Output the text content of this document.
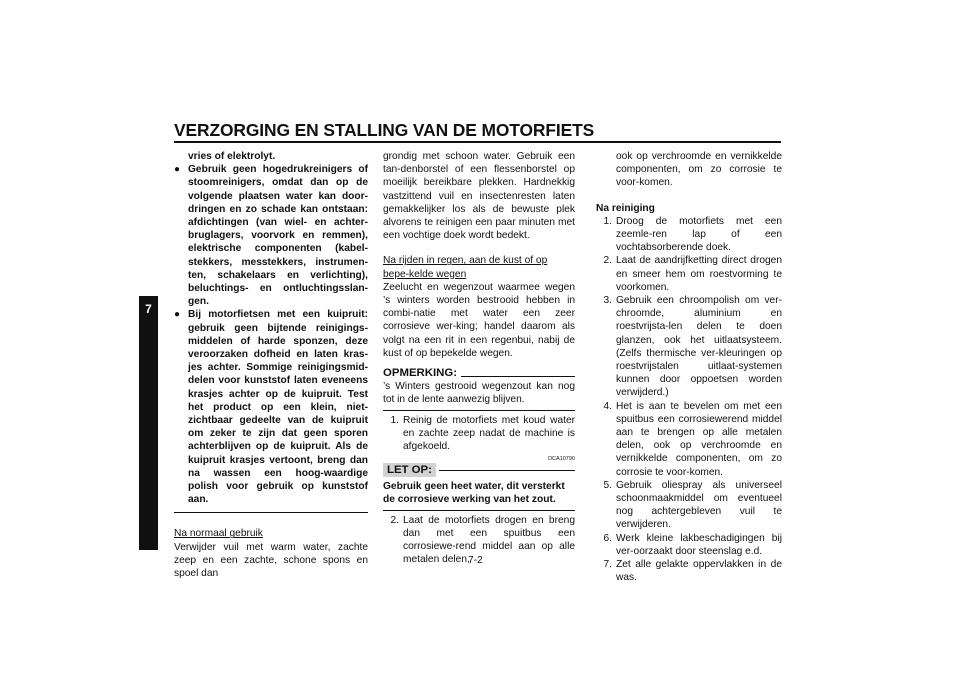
VERZORGING EN STALLING VAN DE MOTORFIETS
7
vries of elektrolyt.
● Gebruik geen hogedrukreinigers of stoomreinigers, omdat dan op de volgende plaatsen water kan door-dringen en zo schade kan ontstaan: afdichtingen (van wiel- en achter-bruglagers, voorvork en remmen), elektrische componenten (kabel-stekkers, messtekkers, instrumen-ten, schakelaars en verlichting), beluchtings- en ontluchtingsslan-gen.
● Bij motorfietsen met een kuipruit: gebruik geen bijtende reinigings-middelen of harde sponzen, deze veroorzaken dofheid en laten kras-jes achter. Sommige reinigingsmid-delen voor kunststof laten eveneens krasjes achter op de kuipruit. Test het product op een klein, niet-zichtbaar gedeelte van de kuipruit om zeker te zijn dat geen sporen achterblijven op de kuipruit. Als de kuipruit krasjes vertoont, breng dan na wassen een hoog-waardige polish voor gebruik op kunststof aan.

Na normaal gebruik

Verwijder vuil met warm water, zachte zeep en een zachte, schone spons en spoel dan

grondig met schoon water. Gebruik een tan-denborstel of een flessenborstel op moeilijk bereikbare plekken. Hardnekkig vastzittend vuil en insectenresten laten gemakkelijker los als de bewuste plek alvorens te reinigen een paar minuten met een vochtige doek wordt bedekt.

Na rijden in regen, aan de kust of op bepe-kelde wegen

Zeelucht en wegenzout waarmee wegen ’s winters worden bestrooid hebben in combi-natie met water een zeer corrosieve wer-king; handel daarom als volgt na een rit in een regenbui, nabij de kust of op bepekelde wegen.

OPMERKING:

’s Winters gestrooid wegenzout kan nog tot in de lente aanwezig blijven.

1. Reinig de motorfiets met koud water en zachte zeep nadat de machine is afgekoeld.
DCA10790
LET OP:

Gebruik geen heet water, dit versterkt de corrosieve werking van het zout.

2. Laat de motorfiets drogen en breng dan met een spuitbus een corrosiewe-rend middel aan op alle metalen delen,

ook op verchroomde en vernikkelde componenten, om zo corrosie te voor-komen.

Na reiniging

1. Droog de motorfiets met een zeemle-ren lap of een vochtabsorberende doek.
2. Laat de aandrijfketting direct drogen en smeer hem om roestvorming te voorkomen.
3. Gebruik een chroompolish om ver-chroomde, aluminium en roestvrijsta-len delen te doen glanzen, ook het uitlaatsysteem. (Zelfs thermische ver-kleuringen op roestvrijstalen uitlaat-systemen kunnen door oppoetsen worden verwijderd.)
4. Het is aan te bevelen om met een spuitbus een corrosiewerend middel aan te brengen op alle metalen delen, ook op verchroomde en vernikkelde componenten, om zo corrosie te voor-komen.
5. Gebruik oliespray als universeel schoonmaakmiddel om eventueel nog achtergebleven vuil te verwijderen.
6. Werk kleine lakbeschadigingen bij ver-oorzaakt door steenslag e.d.
7. Zet alle gelakte oppervlakken in de was.
7-2
